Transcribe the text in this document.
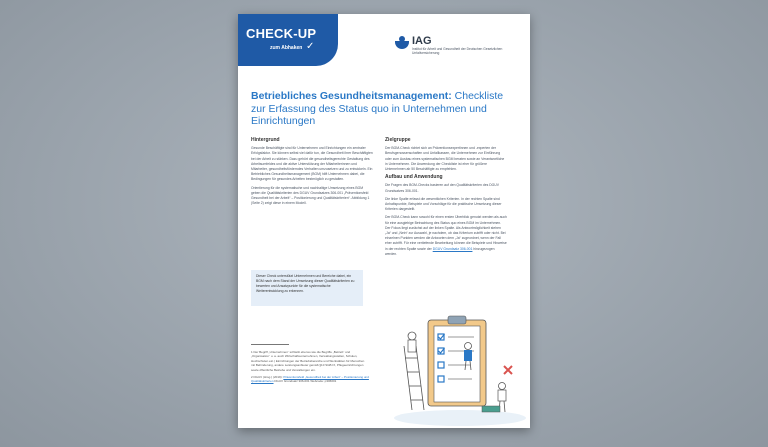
CHECK-UP
zum Abhaken ✓	IAG
Institut für Arbeit und Gesundheit der Deutschen Gesetzlichen Unfallversicherung
Betriebliches Gesundheitsmanagement: Checkliste zur Erfassung des Status quo in Unternehmen und Einrichtungen
Hintergrund

Gesunde Beschäftigte sind für Unternehmen und Einrichtungen ein zentraler Erfolgsfaktor. Sie können selbst viel dafür tun, die Gesundheit ihrer Beschäftigten bei der Arbeit zu stärken. Dazu gehört die gesundheitsgerechte Gestaltung des Arbeitsumfeldes und die aktive Unterstützung der Mitarbeiterinnen und Mitarbeiter, gesundheitsförderndes Verhalten umzusetzen und zu entwickeln. Ein Betriebliches Gesundheitsmanagement (BGM) hilft Unternehmen dabei, die Bedingungen für gesundes Arbeiten bestmöglich zu gestalten.

Orientierung für die systematische und nachhaltige Umsetzung eines BGM geben die Qualitätskriterien des DGUV Grundsatzes 306-001 „Präventionsfeld Gesundheit bei der Arbeit“ – Positionierung und Qualitätskriterien“. Abbildung 1 (Seite 2) zeigt diese in einem Modell.

Dieser Check unterstützt Unternehmen und Bereiche dabei, ein BGM nach dem Stand der Umsetzung dieser Qualitätskriterien zu bewerten und Ansatzpunkte für die systematische Weiterentwicklung zu erkennen.

1 Der Begriff „Unternehmen“ schließt ebenso wie die Begriffe „Betrieb“ und „Organisation“ u. a. auch Wirtschaftsunternehmen, Verwaltungsstellen, Schulen, Hochschulen etc.) Einrichtungen der Betriebsbereiche und Werkstätten für Menschen mit Behinderung, andere Leistungsanbieter gemäß §10 SGB IX, Pflegeeinrichtungen sowie öffentliche Betriebe und Verwaltungen ein.

2 DGUV (Hrsg.) (2019): Präventionsfeld „Gesundheit bei der Arbeit“ – Positionierung und Qualitätskriterien DGUV Grundsatz 306-001 Webcode: p306001

Zielgruppe

Der BGM-Check richtet sich an Präventionsexpertinnen und -experten der Berufsgenossenschaften und Unfallkassen, die Unternehmen zur Einführung oder zum Ausbau eines systematischen BGM beraten sowie an Verantwortliche in Unternehmen. Die Anwendung der Checkliste ist eher für größere Unternehmen ab 50 Beschäftigte zu empfehlen.

Aufbau und Anwendung

Die Fragen des BGM-Checks basieren auf den Qualitätskriterien des DGUV Grundsatzes 306-001.

Die linke Spalte erfasst die wesentlichen Kriterien. In der rechten Spalte sind Anhaltspunkte, Beispiele und Vorschläge für die praktische Umsetzung dieser Kriterien dargestellt.

Der BGM-Check kann sowohl für einen ersten Überblick genutzt werden als auch für eine ausgiebige Betrachtung des Status quo eines BGM im Unternehmen. Der Fokus liegt zunächst auf der linken Spalte. Als Antwortmöglichkeit stehen „Ja“ und „Nein“ zur Auswahl, je nachdem, ob das Kriterium zutrifft oder nicht. Bei einzelnen Punkten werden die Antworten dem „Ja“ zugeordnet, wenn der Fall eher zutrifft. Für eine vertiefende Bearbeitung können die Beispiele und Hinweise in der rechten Spalte sowie der DGUV Grundsatz 306-001 hinzugezogen werden.
